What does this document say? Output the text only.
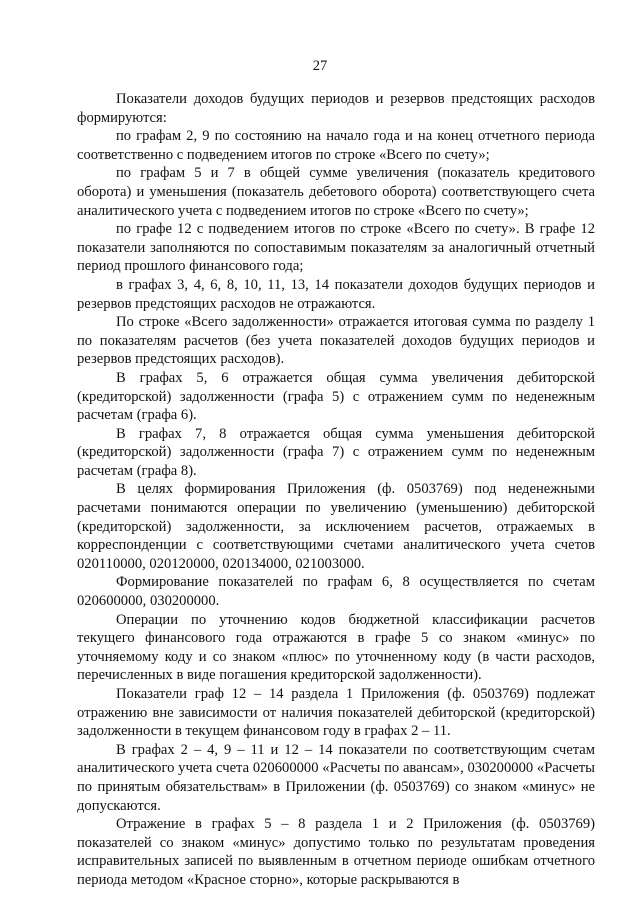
27

Показатели доходов будущих периодов и резервов предстоящих расходов формируются:

по графам 2, 9 по состоянию на начало года и на конец отчетного периода соответственно с подведением итогов по строке «Всего по счету»;

по графам 5 и 7 в общей сумме увеличения (показатель кредитового оборота) и уменьшения (показатель дебетового оборота) соответствующего счета аналитического учета с подведением итогов по строке «Всего по счету»;

по графе 12 с подведением итогов по строке «Всего по счету». В графе 12 показатели заполняются по сопоставимым показателям за аналогичный отчетный период прошлого финансового года;

в графах 3, 4, 6, 8, 10, 11, 13, 14 показатели доходов будущих периодов и резервов предстоящих расходов не отражаются.

По строке «Всего задолженности» отражается итоговая сумма по разделу 1 по показателям расчетов (без учета показателей доходов будущих периодов и резервов предстоящих расходов).

В графах 5, 6 отражается общая сумма увеличения дебиторской (кредиторской) задолженности (графа 5) с отражением сумм по неденежным расчетам (графа 6).

В графах 7, 8 отражается общая сумма уменьшения дебиторской (кредиторской) задолженности (графа 7) с отражением сумм по неденежным расчетам (графа 8).

В целях формирования Приложения (ф. 0503769) под неденежными расчетами понимаются операции по увеличению (уменьшению) дебиторской (кредиторской) задолженности, за исключением расчетов, отражаемых в корреспонденции с соответствующими счетами аналитического учета счетов 020110000, 020120000, 020134000, 021003000.

Формирование показателей по графам 6, 8 осуществляется по счетам 020600000, 030200000.

Операции по уточнению кодов бюджетной классификации расчетов текущего финансового года отражаются в графе 5 со знаком «минус» по уточняемому коду и со знаком «плюс» по уточненному коду (в части расходов, перечисленных в виде погашения кредиторской задолженности).

Показатели граф 12 – 14 раздела 1 Приложения (ф. 0503769) подлежат отражению вне зависимости от наличия показателей дебиторской (кредиторской) задолженности в текущем финансовом году в графах 2 – 11.

В графах 2 – 4, 9 – 11 и 12 – 14 показатели по соответствующим счетам аналитического учета счета 020600000 «Расчеты по авансам», 030200000 «Расчеты по принятым обязательствам» в Приложении (ф. 0503769) со знаком «минус» не допускаются.

Отражение в графах 5 – 8 раздела 1 и 2 Приложения (ф. 0503769) показателей со знаком «минус» допустимо только по результатам проведения исправительных записей по выявленным в отчетном периоде ошибкам отчетного периода методом «Красное сторно», которые раскрываются в
